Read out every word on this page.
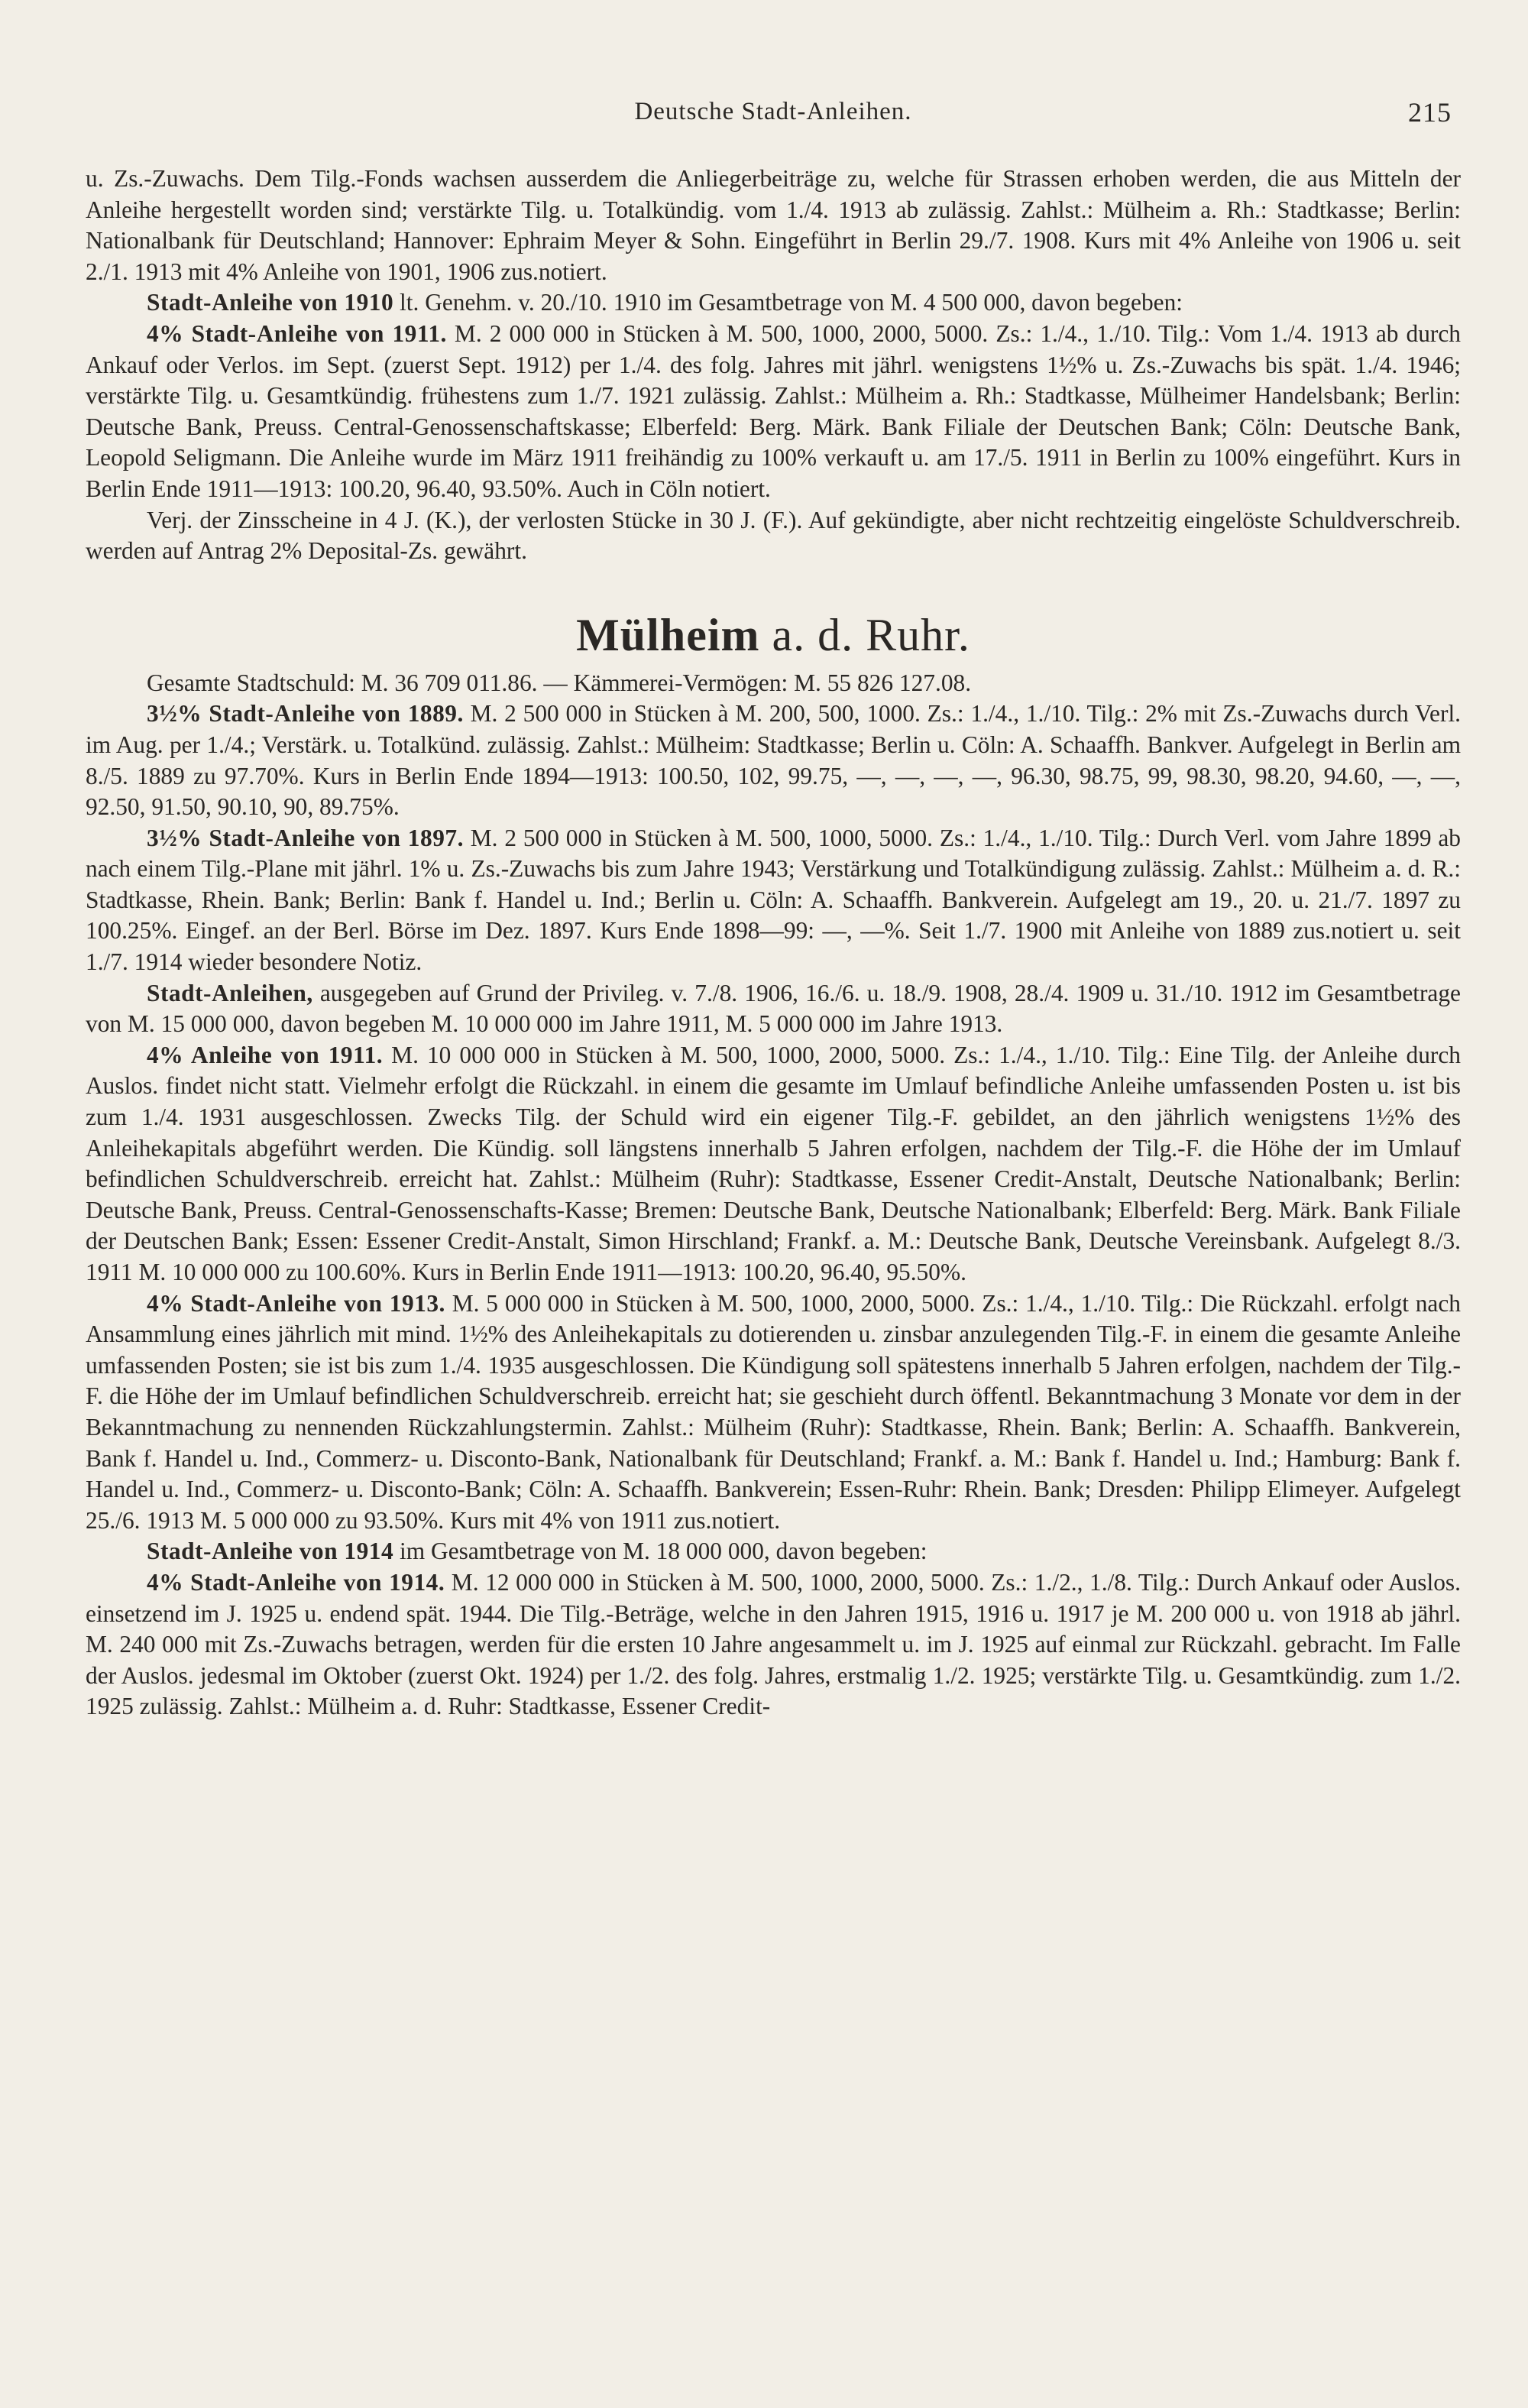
Deutsche Stadt-Anleihen.	215

u. Zs.-Zuwachs. Dem Tilg.-Fonds wachsen ausserdem die Anliegerbeiträge zu, welche für Strassen erhoben werden, die aus Mitteln der Anleihe hergestellt worden sind; verstärkte Tilg. u. Totalkündig. vom 1./4. 1913 ab zulässig. Zahlst.: Mülheim a. Rh.: Stadtkasse; Berlin: Nationalbank für Deutschland; Hannover: Ephraim Meyer & Sohn. Eingeführt in Berlin 29./7. 1908. Kurs mit 4% Anleihe von 1906 u. seit 2./1. 1913 mit 4% Anleihe von 1901, 1906 zus.notiert.

Stadt-Anleihe von 1910 lt. Genehm. v. 20./10. 1910 im Gesamtbetrage von M. 4 500 000, davon begeben:

4% Stadt-Anleihe von 1911. M. 2 000 000 in Stücken à M. 500, 1000, 2000, 5000. Zs.: 1./4., 1./10. Tilg.: Vom 1./4. 1913 ab durch Ankauf oder Verlos. im Sept. (zuerst Sept. 1912) per 1./4. des folg. Jahres mit jährl. wenigstens 1½% u. Zs.-Zuwachs bis spät. 1./4. 1946; verstärkte Tilg. u. Gesamtkündig. frühestens zum 1./7. 1921 zulässig. Zahlst.: Mülheim a. Rh.: Stadtkasse, Mülheimer Handelsbank; Berlin: Deutsche Bank, Preuss. Central-Genossenschaftskasse; Elberfeld: Berg. Märk. Bank Filiale der Deutschen Bank; Cöln: Deutsche Bank, Leopold Seligmann. Die Anleihe wurde im März 1911 freihändig zu 100% verkauft u. am 17./5. 1911 in Berlin zu 100% eingeführt. Kurs in Berlin Ende 1911—1913: 100.20, 96.40, 93.50%. Auch in Cöln notiert.

Verj. der Zinsscheine in 4 J. (K.), der verlosten Stücke in 30 J. (F.). Auf gekündigte, aber nicht rechtzeitig eingelöste Schuldverschreib. werden auf Antrag 2% Deposital-Zs. gewährt.

Mülheim a. d. Ruhr.

Gesamte Stadtschuld: M. 36 709 011.86. — Kämmerei-Vermögen: M. 55 826 127.08.

3½% Stadt-Anleihe von 1889. M. 2 500 000 in Stücken à M. 200, 500, 1000. Zs.: 1./4., 1./10. Tilg.: 2% mit Zs.-Zuwachs durch Verl. im Aug. per 1./4.; Verstärk. u. Totalkünd. zulässig. Zahlst.: Mülheim: Stadtkasse; Berlin u. Cöln: A. Schaaffh. Bankver. Aufgelegt in Berlin am 8./5. 1889 zu 97.70%. Kurs in Berlin Ende 1894—1913: 100.50, 102, 99.75, —, —, —, —, 96.30, 98.75, 99, 98.30, 98.20, 94.60, —, —, 92.50, 91.50, 90.10, 90, 89.75%.

3½% Stadt-Anleihe von 1897. M. 2 500 000 in Stücken à M. 500, 1000, 5000. Zs.: 1./4., 1./10. Tilg.: Durch Verl. vom Jahre 1899 ab nach einem Tilg.-Plane mit jährl. 1% u. Zs.-Zuwachs bis zum Jahre 1943; Verstärkung und Totalkündigung zulässig. Zahlst.: Mülheim a. d. R.: Stadtkasse, Rhein. Bank; Berlin: Bank f. Handel u. Ind.; Berlin u. Cöln: A. Schaaffh. Bankverein. Aufgelegt am 19., 20. u. 21./7. 1897 zu 100.25%. Eingef. an der Berl. Börse im Dez. 1897. Kurs Ende 1898—99: —, —%. Seit 1./7. 1900 mit Anleihe von 1889 zus.notiert u. seit 1./7. 1914 wieder besondere Notiz.

Stadt-Anleihen, ausgegeben auf Grund der Privileg. v. 7./8. 1906, 16./6. u. 18./9. 1908, 28./4. 1909 u. 31./10. 1912 im Gesamtbetrage von M. 15 000 000, davon begeben M. 10 000 000 im Jahre 1911, M. 5 000 000 im Jahre 1913.

4% Anleihe von 1911. M. 10 000 000 in Stücken à M. 500, 1000, 2000, 5000. Zs.: 1./4., 1./10. Tilg.: Eine Tilg. der Anleihe durch Auslos. findet nicht statt. Vielmehr erfolgt die Rückzahl. in einem die gesamte im Umlauf befindliche Anleihe umfassenden Posten u. ist bis zum 1./4. 1931 ausgeschlossen. Zwecks Tilg. der Schuld wird ein eigener Tilg.-F. gebildet, an den jährlich wenigstens 1½% des Anleihekapitals abgeführt werden. Die Kündig. soll längstens innerhalb 5 Jahren erfolgen, nachdem der Tilg.-F. die Höhe der im Umlauf befindlichen Schuldverschreib. erreicht hat. Zahlst.: Mülheim (Ruhr): Stadtkasse, Essener Credit-Anstalt, Deutsche Nationalbank; Berlin: Deutsche Bank, Preuss. Central-Genossenschafts-Kasse; Bremen: Deutsche Bank, Deutsche Nationalbank; Elberfeld: Berg. Märk. Bank Filiale der Deutschen Bank; Essen: Essener Credit-Anstalt, Simon Hirschland; Frankf. a. M.: Deutsche Bank, Deutsche Vereinsbank. Aufgelegt 8./3. 1911 M. 10 000 000 zu 100.60%. Kurs in Berlin Ende 1911—1913: 100.20, 96.40, 95.50%.

4% Stadt-Anleihe von 1913. M. 5 000 000 in Stücken à M. 500, 1000, 2000, 5000. Zs.: 1./4., 1./10. Tilg.: Die Rückzahl. erfolgt nach Ansammlung eines jährlich mit mind. 1½% des Anleihekapitals zu dotierenden u. zinsbar anzulegenden Tilg.-F. in einem die gesamte Anleihe umfassenden Posten; sie ist bis zum 1./4. 1935 ausgeschlossen. Die Kündigung soll spätestens innerhalb 5 Jahren erfolgen, nachdem der Tilg.-F. die Höhe der im Umlauf befindlichen Schuldverschreib. erreicht hat; sie geschieht durch öffentl. Bekanntmachung 3 Monate vor dem in der Bekanntmachung zu nennenden Rückzahlungstermin. Zahlst.: Mülheim (Ruhr): Stadtkasse, Rhein. Bank; Berlin: A. Schaaffh. Bankverein, Bank f. Handel u. Ind., Commerz- u. Disconto-Bank, Nationalbank für Deutschland; Frankf. a. M.: Bank f. Handel u. Ind.; Hamburg: Bank f. Handel u. Ind., Commerz- u. Disconto-Bank; Cöln: A. Schaaffh. Bankverein; Essen-Ruhr: Rhein. Bank; Dresden: Philipp Elimeyer. Aufgelegt 25./6. 1913 M. 5 000 000 zu 93.50%. Kurs mit 4% von 1911 zus.notiert.

Stadt-Anleihe von 1914 im Gesamtbetrage von M. 18 000 000, davon begeben:

4% Stadt-Anleihe von 1914. M. 12 000 000 in Stücken à M. 500, 1000, 2000, 5000. Zs.: 1./2., 1./8. Tilg.: Durch Ankauf oder Auslos. einsetzend im J. 1925 u. endend spät. 1944. Die Tilg.-Beträge, welche in den Jahren 1915, 1916 u. 1917 je M. 200 000 u. von 1918 ab jährl. M. 240 000 mit Zs.-Zuwachs betragen, werden für die ersten 10 Jahre angesammelt u. im J. 1925 auf einmal zur Rückzahl. gebracht. Im Falle der Auslos. jedesmal im Oktober (zuerst Okt. 1924) per 1./2. des folg. Jahres, erstmalig 1./2. 1925; verstärkte Tilg. u. Gesamtkündig. zum 1./2. 1925 zulässig. Zahlst.: Mülheim a. d. Ruhr: Stadtkasse, Essener Credit-
